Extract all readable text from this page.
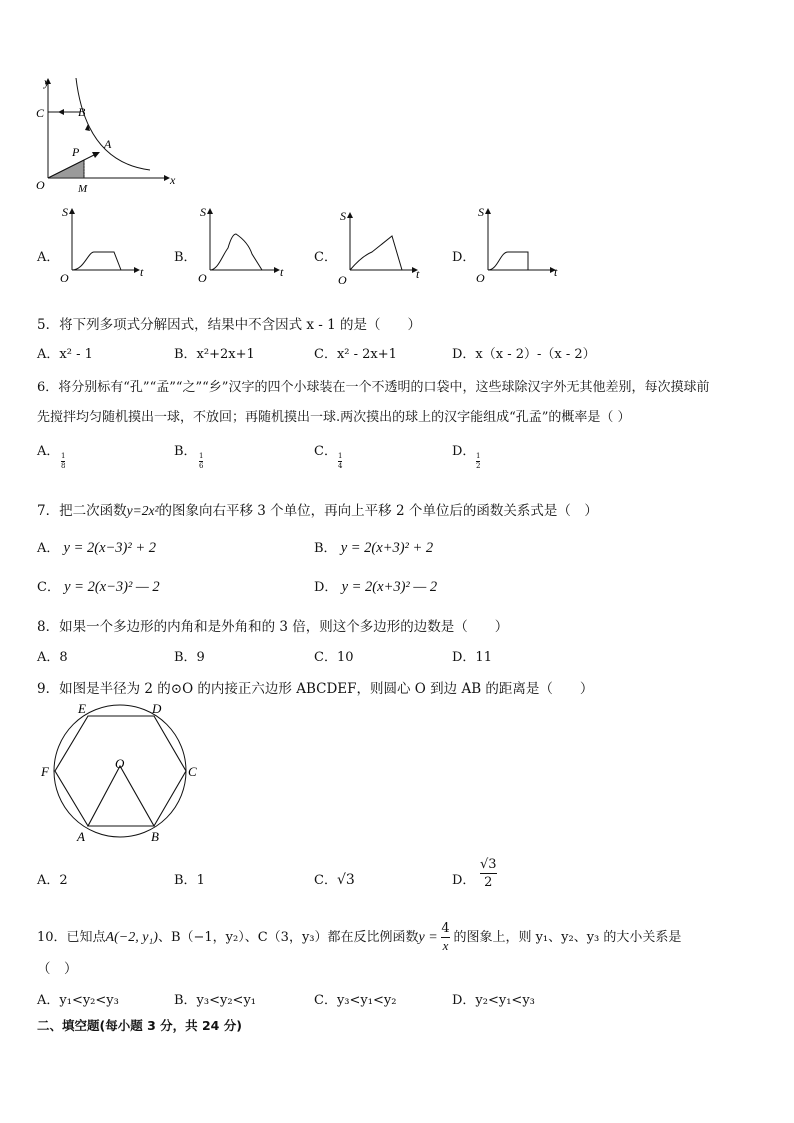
y
x
C	B
A
P
O	M
A．
S
O	t
B．
S
O	t
C．
S
O	t
D．
S
O	t
5．将下列多项式分解因式，结果中不含因式 x - 1 的是（　　）
A．x² - 1	B．x²+2x+1	C．x² - 2x+1	D．x（x - 2）-（x - 2）
6．将分别标有“孔”“孟”“之”“乡”汉字的四个小球装在一个不透明的口袋中，这些球除汉字外无其他差别，每次摸球前
先搅拌均匀随机摸出一球，不放回；再随机摸出一球.两次摸出的球上的汉字能组成“孔孟”的概率是（ ）
A．
$\frac{1}{8}$
B．
$\frac{1}{6}$
C．
$\frac{1}{4}$
D．
$\frac{1}{2}$
7．把二次函数y=2x²的图象向右平移 3 个单位，再向上平移 2 个单位后的函数关系式是（　）
A． y = 2(x−3)² + 2	B． y = 2(x+3)² + 2
C． y = 2(x−3)² — 2	D． y = 2(x+3)² — 2
8．如果一个多边形的内角和是外角和的 3 倍，则这个多边形的边数是（　　）
A．8	B．9	C．10	D．11
9．如图是半径为 2 的⊙O 的内接正六边形 ABCDEF，则圆心 O 到边 AB 的距离是（　　）
E	D
F	C
O
A	B
A．2	B．1	C．√3	D． $\frac{√3}{2}$
10．已知点A(−2, y₁)、B（−1，y₂）、C（3，y₃）都在反比例函数$y = \frac{4}{x}$ 的图象上，则 y₁、y₂、y₃ 的大小关系是
（　）
A．y₁<y₂<y₃	B．y₃<y₂<y₁	C．y₃<y₁<y₂	D．y₂<y₁<y₃
二、填空题(每小题 3 分，共 24 分)
